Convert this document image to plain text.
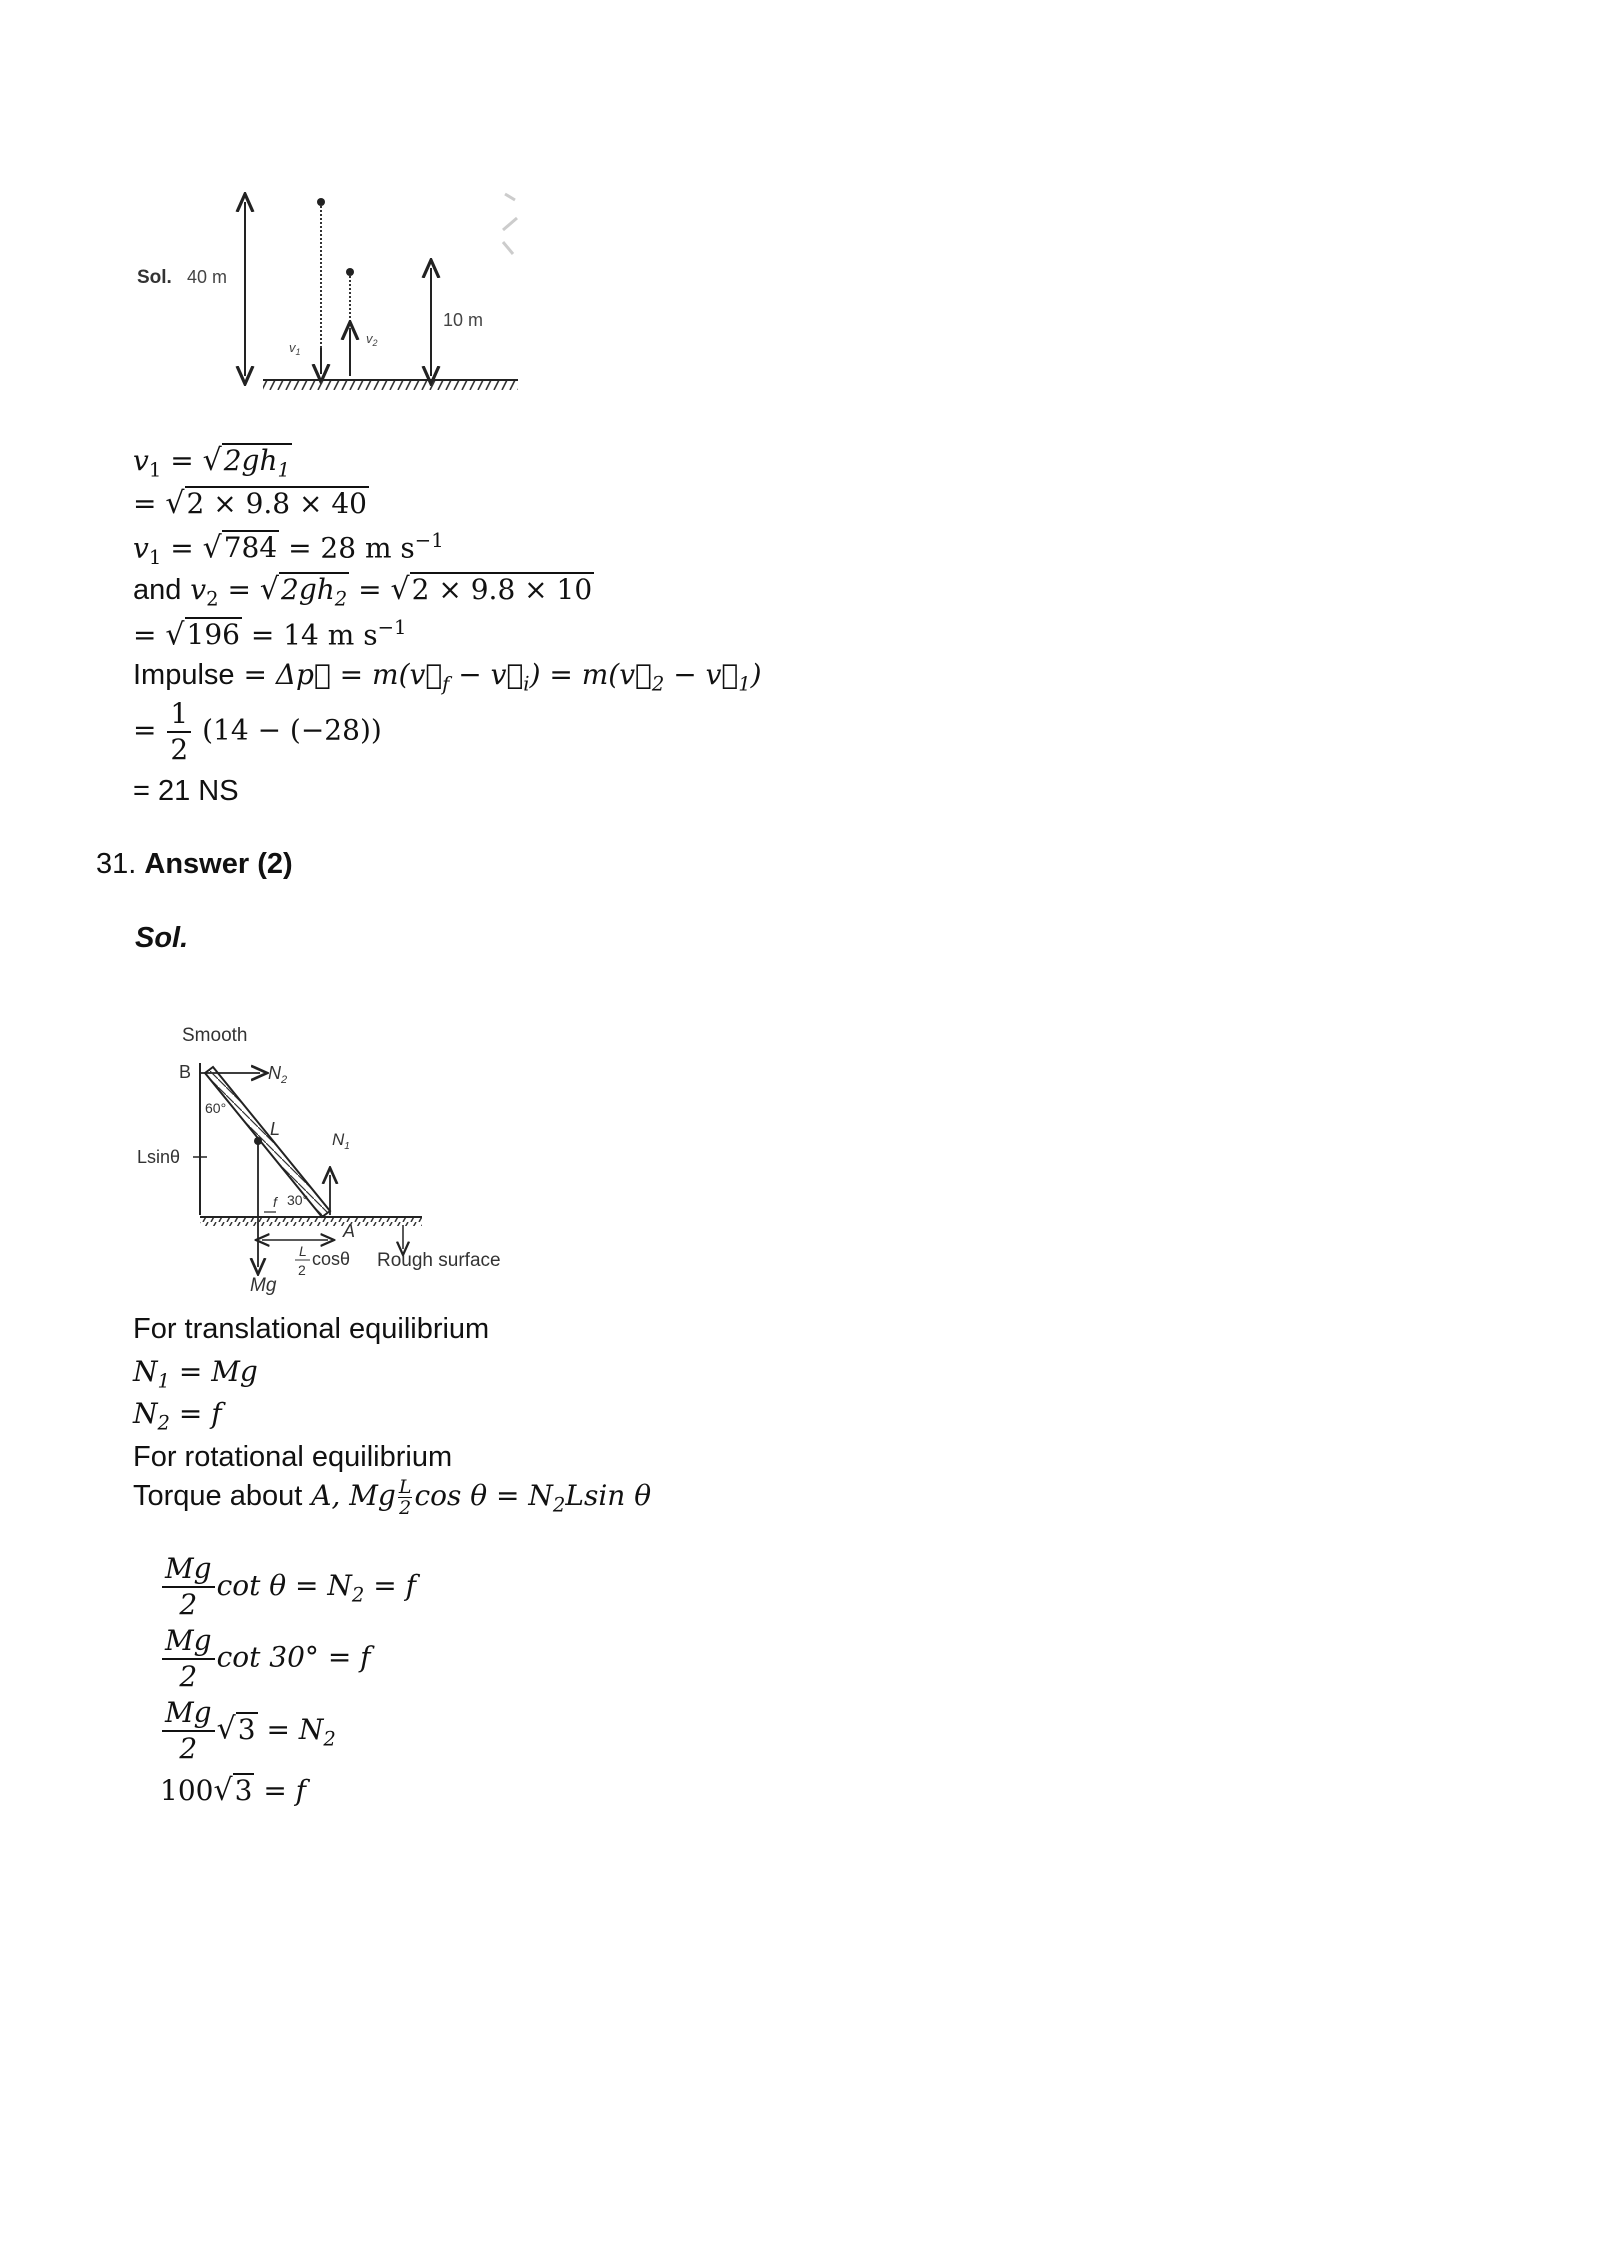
Sol. 40 m
$v_1$
$v_2$
10 m
$v_1 = √2gh_1$
= √2 × 9.8 × 40
$v_1 = √784 = 28$ m $s^{-1}$
and $v_2 = √2gh_2 = √2 \times 9.8 \times 10$
= √196 = 14 m $s^{-1}$
Impulse = Δp⃗ = $m(v⃗_f$ − $v⃗_i$) = $m(v⃗_2$ − $v⃗_1$)
= $\frac{1}{2} (14 - (-28))$
= 21 NS
31. Answer (2)
Sol.
Smooth
B	$N_2$
60°
L
$N_1$
Lsinθ
Mg
f 30°
A
L
2
cosθ Rough surface
For translational equilibrium
$N_1 = Mg$
$N_2 = f$
For rotational equilibrium
Torque about A, Mg $\frac{L}{2}$ $\cos \theta = N_2Lsin$ θ
$\frac{Mg}{2}$ $\cot \theta = N_2 = f$
$\frac{Mg}{2}$ cot 30° = f
$\frac{Mg}{2} √3 = N_2$
100√3 = f
